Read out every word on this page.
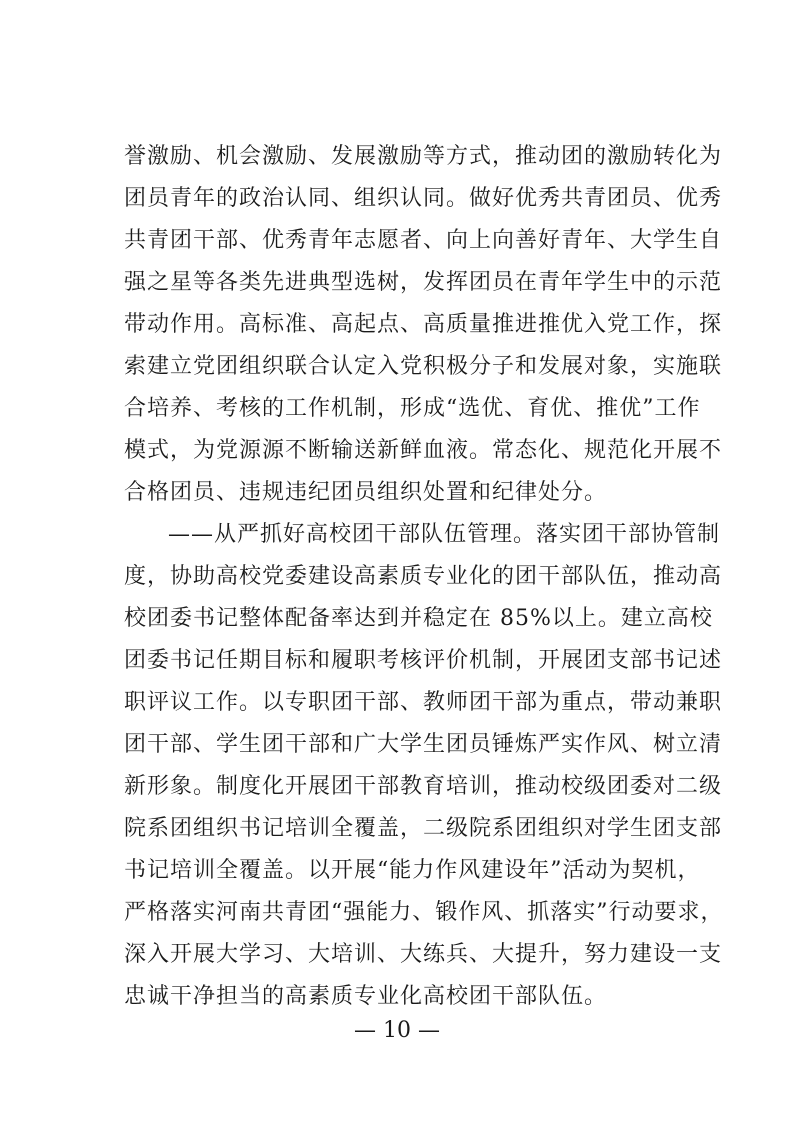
誉激励、机会激励、发展激励等方式，推动团的激励转化为
团员青年的政治认同、组织认同。做好优秀共青团员、优秀
共青团干部、优秀青年志愿者、向上向善好青年、大学生自
强之星等各类先进典型选树，发挥团员在青年学生中的示范
带动作用。高标准、高起点、高质量推进推优入党工作，探
索建立党团组织联合认定入党积极分子和发展对象，实施联
合培养、考核的工作机制，形成“选优、育优、推优”工作
模式，为党源源不断输送新鲜血液。常态化、规范化开展不
合格团员、违规违纪团员组织处置和纪律处分。
——从严抓好高校团干部队伍管理。落实团干部协管制
度，协助高校党委建设高素质专业化的团干部队伍，推动高
校团委书记整体配备率达到并稳定在 85%以上。建立高校
团委书记任期目标和履职考核评价机制，开展团支部书记述
职评议工作。以专职团干部、教师团干部为重点，带动兼职
团干部、学生团干部和广大学生团员锤炼严实作风、树立清
新形象。制度化开展团干部教育培训，推动校级团委对二级
院系团组织书记培训全覆盖，二级院系团组织对学生团支部
书记培训全覆盖。以开展“能力作风建设年”活动为契机，
严格落实河南共青团“强能力、锻作风、抓落实”行动要求，
深入开展大学习、大培训、大练兵、大提升，努力建设一支
忠诚干净担当的高素质专业化高校团干部队伍。
— 10 —
